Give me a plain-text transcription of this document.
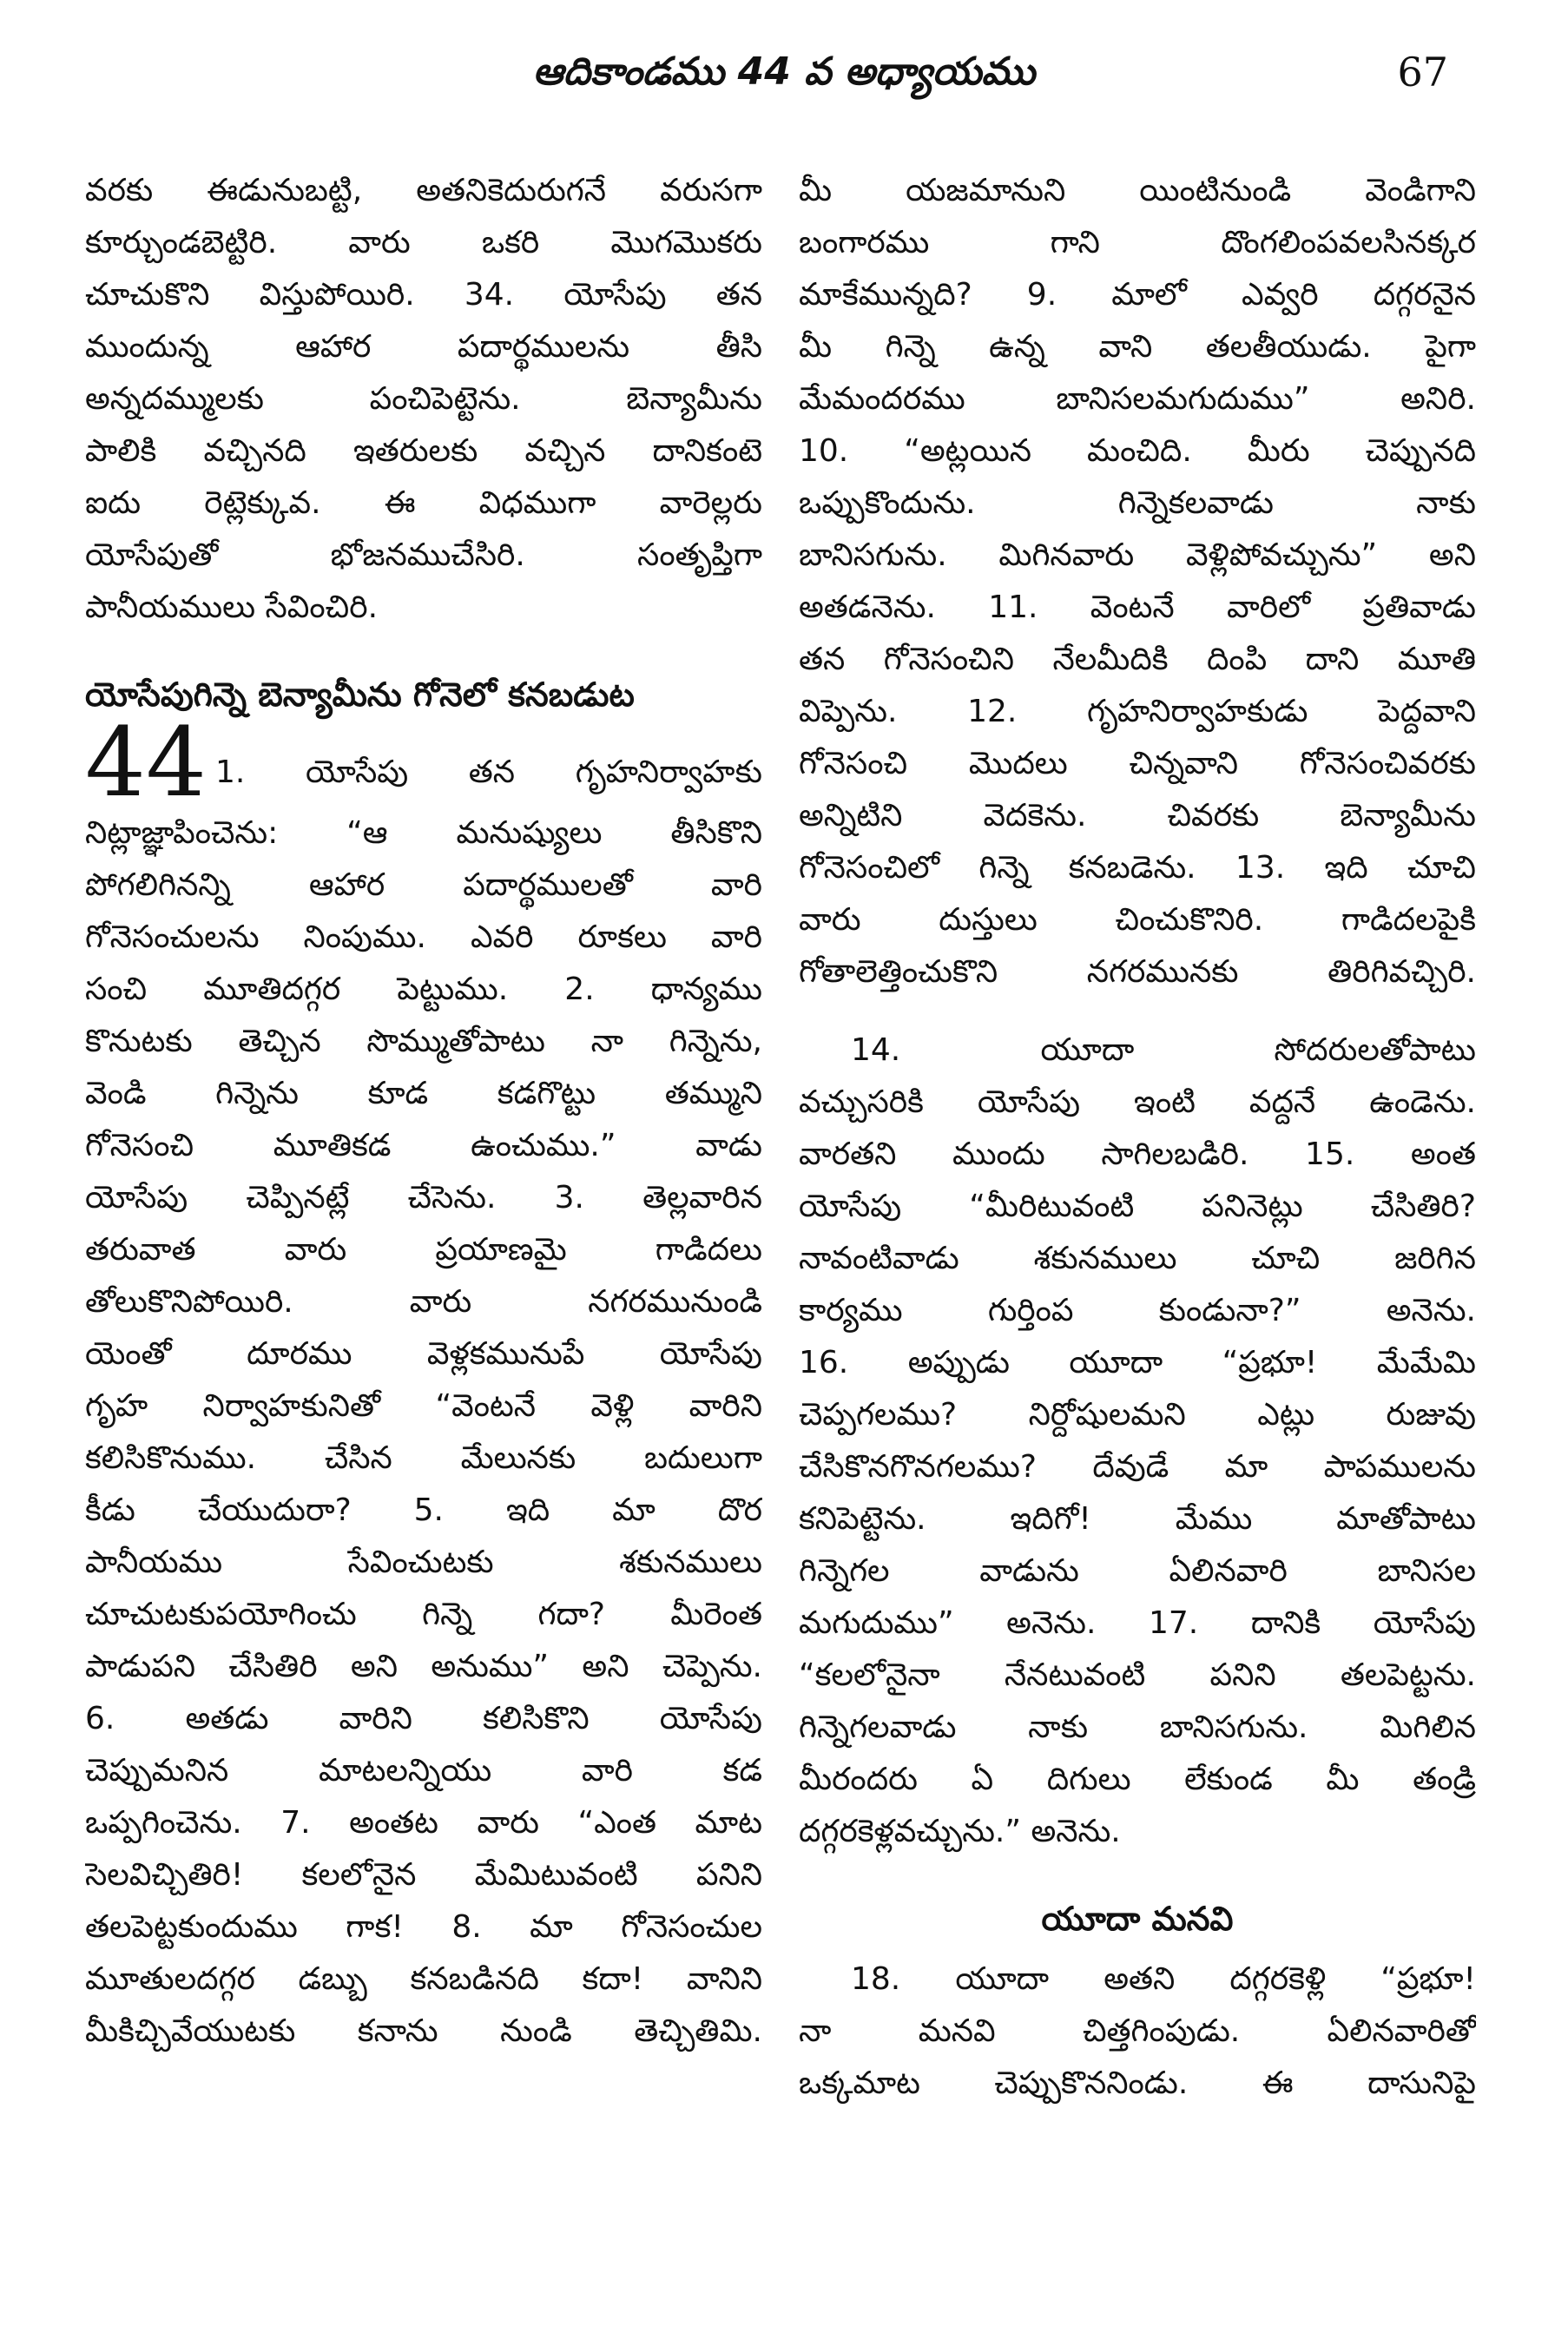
ఆదికాండము 44 వ అధ్యాయము	67
వరకు ఈడునుబట్టి, అతనికెదురుగనే వరుసగా
కూర్చుండబెట్టిరి. వారు ఒకరి మొగమొకరు
చూచుకొని విస్తుపోయిరి. 34. యోసేపు తన
ముందున్న ఆహార పదార్థములను తీసి
అన్నదమ్ములకు పంచిపెట్టెను. బెన్యామీను
పాలికి వచ్చినది ఇతరులకు వచ్చిన దానికంటె
ఐదు రెట్లెక్కువ. ఈ విధముగా వారెల్లరు
యోసేపుతో భోజనముచేసిరి. సంతృప్తిగా
పానీయములు సేవించిరి.
యోసేపుగిన్నె బెన్యామీను గోనెలో కనబడుట
44 1. యోసేపు తన గృహనిర్వాహకు
నిట్లాజ్ఞాపించెను: “ఆ మనుష్యులు తీసికొని
పోగలిగినన్ని ఆహార పదార్థములతో వారి
గోనెసంచులను నింపుము. ఎవరి రూకలు వారి
సంచి మూతిదగ్గర పెట్టుము. 2. ధాన్యము
కొనుటకు తెచ్చిన సొమ్ముతోపాటు నా గిన్నెను,
వెండి గిన్నెను కూడ కడగొట్టు తమ్ముని
గోనెసంచి మూతికడ ఉంచుము.” వాడు
యోసేపు చెప్పినట్లే చేసెను. 3. తెల్లవారిన
తరువాత వారు ప్రయాణమై గాడిదలు
తోలుకొనిపోయిరి. వారు నగరమునుండి
యెంతో దూరము వెళ్లకమునుపే యోసేపు
గృహ నిర్వాహకునితో “వెంటనే వెళ్లి వారిని
కలిసికొనుము. చేసిన మేలునకు బదులుగా
కీడు చేయుదురా? 5. ఇది మా దొర
పానీయము సేవించుటకు శకునములు
చూచుటకుపయోగించు గిన్నె గదా? మీరెంత
పాడుపని చేసితిరి అని అనుము” అని చెప్పెను.
6. అతడు వారిని కలిసికొని యోసేపు
చెప్పుమనిన మాటలన్నియు వారి కడ
ఒప్పగించెను. 7. అంతట వారు “ఎంత మాట
సెలవిచ్చితిరి! కలలోనైన మేమిటువంటి పనిని
తలపెట్టకుందుము గాక! 8. మా గోనెసంచుల
మూతులదగ్గర డబ్బు కనబడినది కదా! వానిని
మీకిచ్చివేయుటకు కనాను నుండి తెచ్చితిమి.
మీ యజమానుని యింటినుండి వెండిగాని
బంగారము గాని దొంగలింపవలసినక్కర
మాకేమున్నది? 9. మాలో ఎవ్వరి దగ్గరనైన
మీ గిన్నె ఉన్న వాని తలతీయుడు. పైగా
మేమందరము బానిసలమగుదుము” అనిరి.
10. “అట్లయిన మంచిది. మీరు చెప్పునది
ఒప్పుకొందును. గిన్నెకలవాడు నాకు
బానిసగును. మిగినవారు వెళ్లిపోవచ్చును” అని
అతడనెను. 11. వెంటనే వారిలో ప్రతివాడు
తన గోనెసంచిని నేలమీదికి దింపి దాని మూతి
విప్పెను. 12. గృహనిర్వాహకుడు పెద్దవాని
గోనెసంచి మొదలు చిన్నవాని గోనెసంచివరకు
అన్నిటిని వెదకెను. చివరకు బెన్యామీను
గోనెసంచిలో గిన్నె కనబడెను. 13. ఇది చూచి
వారు దుస్తులు చించుకొనిరి. గాడిదలపైకి
గోతాలెత్తించుకొని నగరమునకు తిరిగివచ్చిరి.
14. యూదా సోదరులతోపాటు
వచ్చుసరికి యోసేపు ఇంటి వద్దనే ఉండెను.
వారతని ముందు సాగిలబడిరి. 15. అంత
యోసేపు “మీరిటువంటి పనినెట్లు చేసితిరి?
నావంటివాడు శకునములు చూచి జరిగిన
కార్యము గుర్తింప కుండునా?” అనెను.
16. అప్పుడు యూదా “ప్రభూ! మేమేమి
చెప్పగలము? నిర్దోషులమని ఎట్లు రుజువు
చేసికొనగొనగలము? దేవుడే మా పాపములను
కనిపెట్టెను. ఇదిగో! మేము మాతోపాటు
గిన్నెగల వాడును ఏలినవారి బానిసల
మగుదుము” అనెను. 17. దానికి యోసేపు
“కలలోనైనా నేనటువంటి పనిని తలపెట్టను.
గిన్నెగలవాడు నాకు బానిసగును. మిగిలిన
మీరందరు ఏ దిగులు లేకుండ మీ తండ్రి
దగ్గరకెళ్లవచ్చును.” అనెను.
యూదా మనవి
18. యూదా అతని దగ్గరకెళ్లి “ప్రభూ!
నా మనవి చిత్తగింపుడు. ఏలినవారితో
ఒక్కమాట చెప్పుకొననిండు. ఈ దాసునిపై
